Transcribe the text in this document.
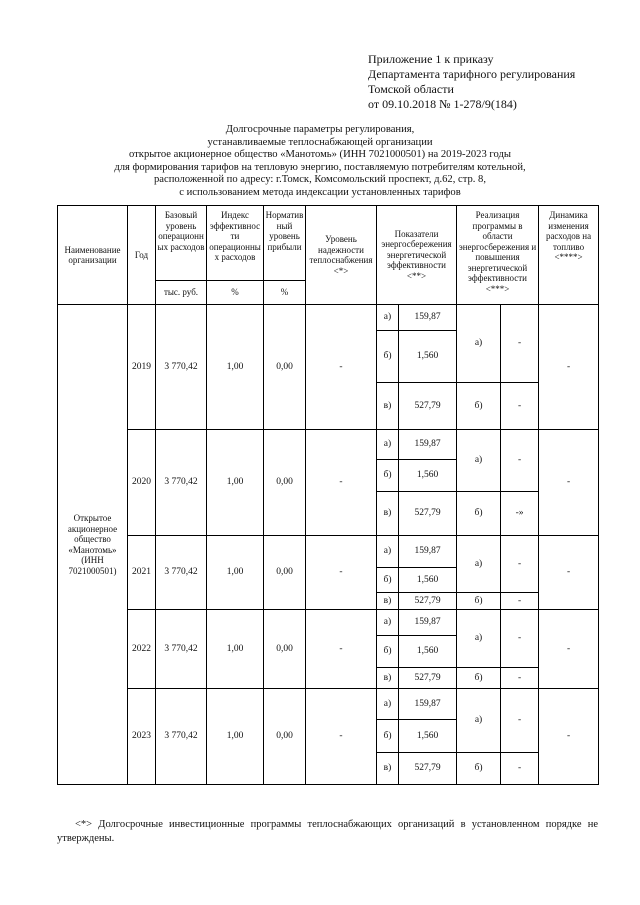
Приложение 1 к приказу
Департамента тарифного регулирования
Томской области
от 09.10.2018 № 1-278/9(184)
Долгосрочные параметры регулирования,
устанавливаемые теплоснабжающей организации
открытое акционерное общество «Манотомь» (ИНН 7021000501) на 2019-2023 годы
для формирования тарифов на тепловую энергию, поставляемую потребителям котельной,
расположенной по адресу: г.Томск, Комсомольский проспект, д.62, стр. 8,
с использованием метода индексации установленных тарифов
Наименование организации	Год	Базовый уровень операционных расходов	Индекс эффективности операционных расходов	Нормативный уровень прибыли	Уровень надежности теплоснабжения <*>	Показатели энергосбережения энергетической эффективности <**>		Реализация программы в области энергосбережения и повышения энергетической эффективности <***>		Динамика изменения расходов на топливо <****>
		тыс. руб.	%	%						
Открытое акционерное общество «Манотомь» (ИНН 7021000501)	2019	3 770,42	1,00	0,00	-	а)	159,87	а)	-	-
						б)	1,560			
						в)	527,79	б)	-	
	2020	3 770,42	1,00	0,00	-	а)	159,87	а)	-	-
						б)	1,560			
						в)	527,79	б)	-»	
	2021	3 770,42	1,00	0,00	-	а)	159,87	а)	-	-
						б)	1,560			
						в)	527,79	б)	-	
	2022	3 770,42	1,00	0,00	-	а)	159,87	а)	-	-
						б)	1,560			
						в)	527,79	б)	-	
	2023	3 770,42	1,00	0,00	-	а)	159,87	а)	-	-
						б)	1,560			
						в)	527,79	б)	-	
<*> Долгосрочные инвестиционные программы теплоснабжающих организаций в установленном порядке не утверждены.
